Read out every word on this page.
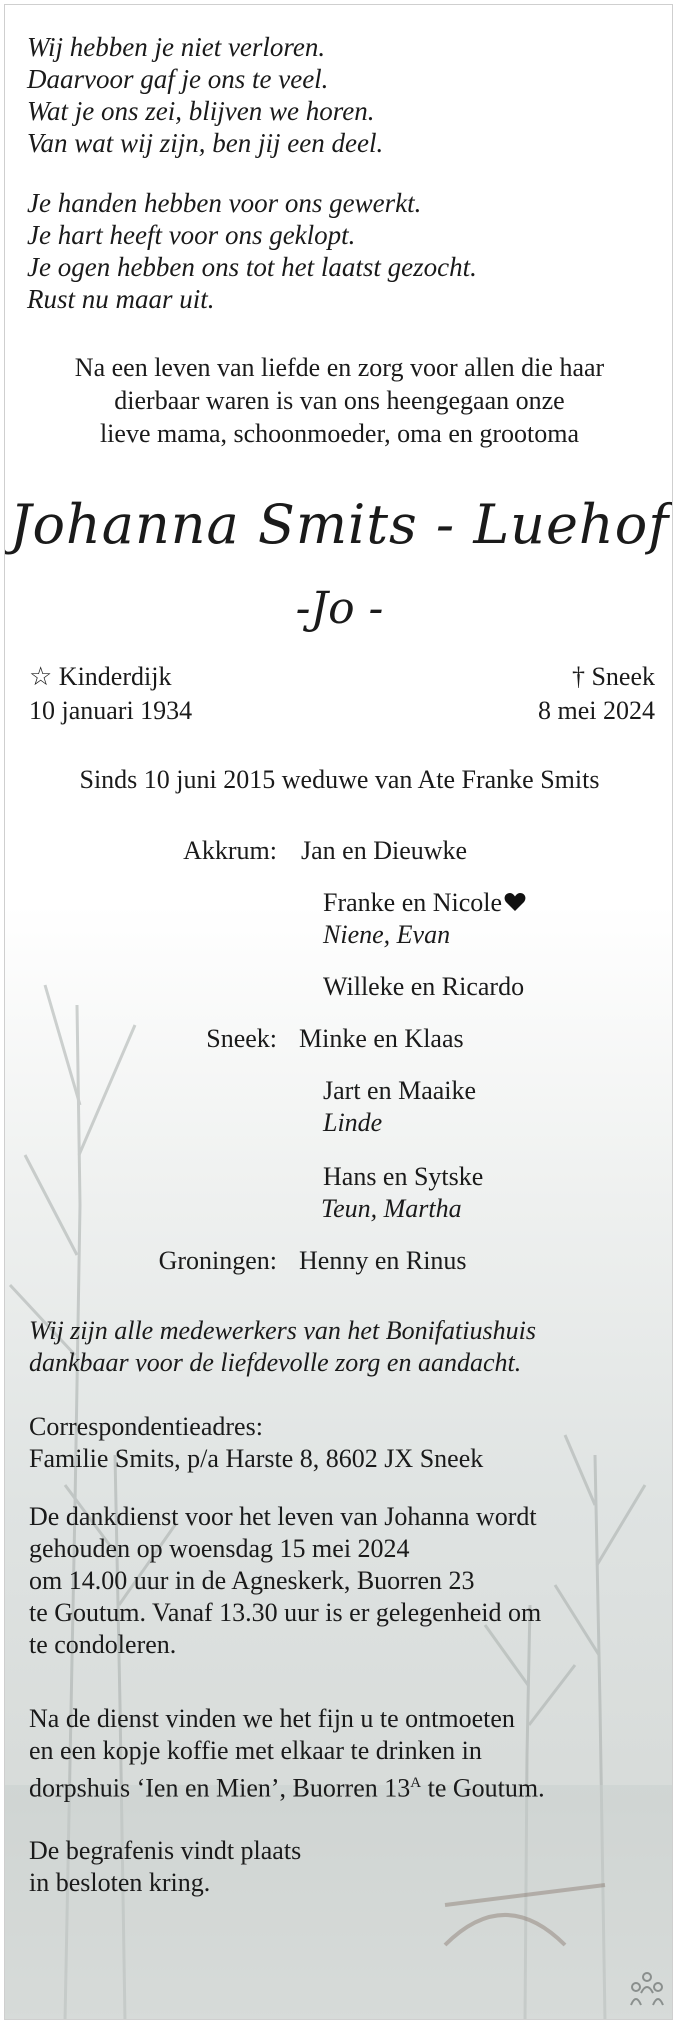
Wij hebben je niet verloren.
Daarvoor gaf je ons te veel.
Wat je ons zei, blijven we horen.
Van wat wij zijn, ben jij een deel.
Je handen hebben voor ons gewerkt.
Je hart heeft voor ons geklopt.
Je ogen hebben ons tot het laatst gezocht.
Rust nu maar uit.
Na een leven van liefde en zorg voor allen die haar
dierbaar waren is van ons heengegaan onze
lieve mama, schoonmoeder, oma en grootoma
Johanna Smits - Luehof
-Jo -
☆ Kinderdijk
10 januari 1934
† Sneek
8 mei 2024
Sinds 10 juni 2015 weduwe van Ate Franke Smits
Akkrum: Jan en Dieuwke
Franke en Nicole
Niene, Evan
Willeke en Ricardo
Sneek: Minke en Klaas
Jart en Maaike
Linde
Hans en Sytske
Teun, Martha
Groningen: Henny en Rinus
Wij zijn alle medewerkers van het Bonifatiushuis
dankbaar voor de liefdevolle zorg en aandacht.
Correspondentieadres:
Familie Smits, p/a Harste 8, 8602 JX Sneek
De dankdienst voor het leven van Johanna wordt
gehouden op woensdag 15 mei 2024
om 14.00 uur in de Agneskerk, Buorren 23
te Goutum. Vanaf 13.30 uur is er gelegenheid om
te condoleren.
Na de dienst vinden we het fijn u te ontmoeten
en een kopje koffie met elkaar te drinken in
dorpshuis ‘Ien en Mien’, Buorren $13^A$ te Goutum.
De begrafenis vindt plaats
in besloten kring.
